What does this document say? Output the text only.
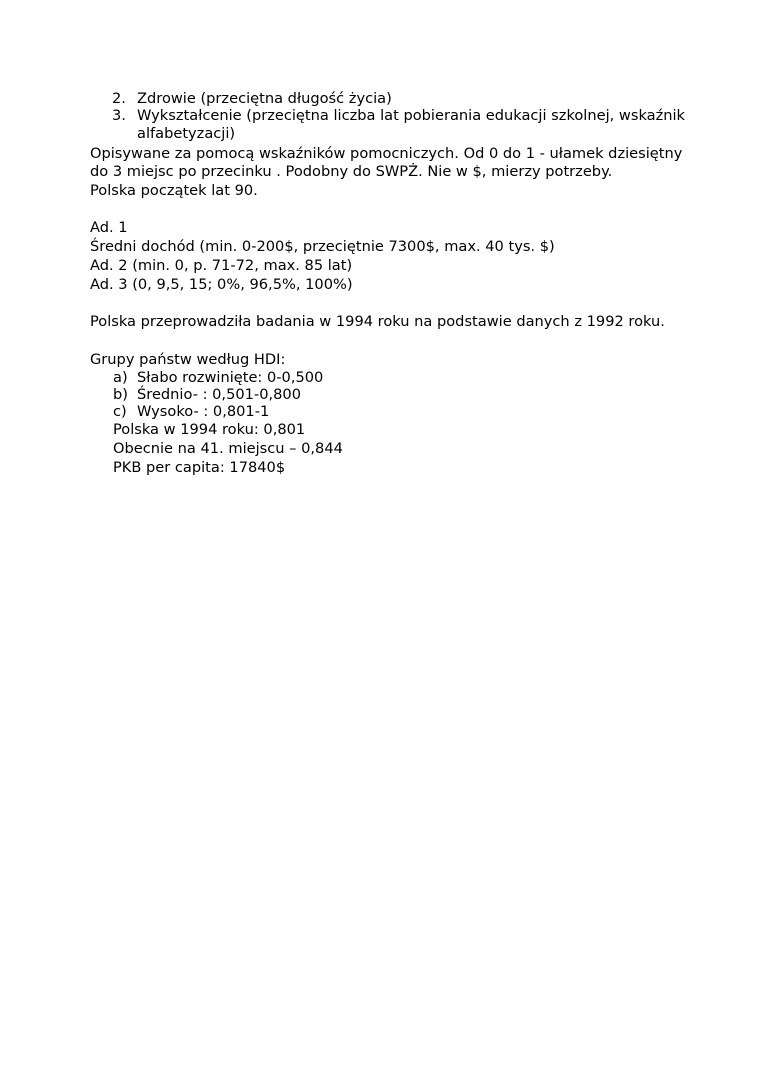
2. Zdrowie (przeciętna długość życia)
3. Wykształcenie (przeciętna liczba lat pobierania edukacji szkolnej, wskaźnik
alfabetyzacji)
Opisywane za pomocą wskaźników pomocniczych. Od 0 do 1 - ułamek dziesiętny
do 3 miejsc po przecinku . Podobny do SWPŻ. Nie w $, mierzy potrzeby.
Polska początek lat 90.
Ad. 1
Średni dochód (min. 0-200$, przeciętnie 7300$, max. 40 tys. $)
Ad. 2 (min. 0, p. 71-72, max. 85 lat)
Ad. 3 (0, 9,5, 15; 0%, 96,5%, 100%)
Polska przeprowadziła badania w 1994 roku na podstawie danych z 1992 roku.
Grupy państw według HDI:
a) Słabo rozwinięte: 0-0,500
b) Średnio- : 0,501-0,800
c) Wysoko- : 0,801-1
Polska w 1994 roku: 0,801
Obecnie na 41. miejscu – 0,844
PKB per capita: 17840$
